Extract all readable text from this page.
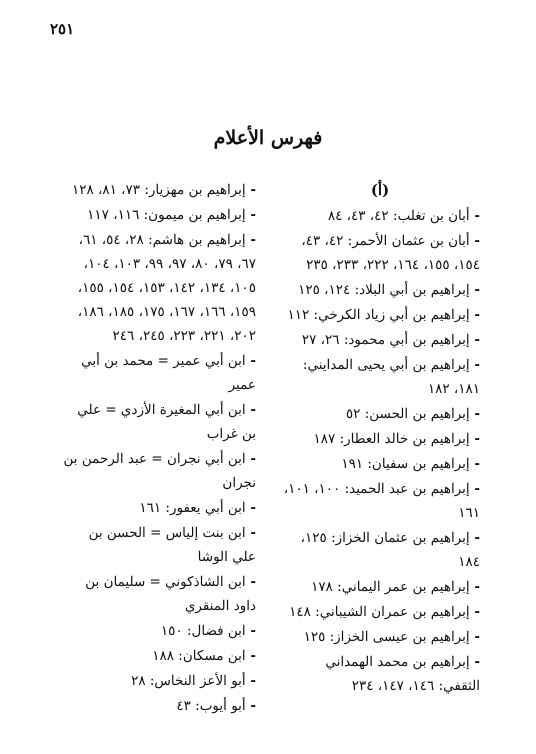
٢٥١
فهرس الأعلام
(أ)
- أبان بن تغلب: ٤٢، ٤٣، ٨٤
- أبان بن عثمان الأحمر: ٤٢، ٤٣، ١٥٤، ١٥٥، ١٦٤، ٢٢٢، ٢٣٣، ٢٣٥
- إبراهيم بن أبي البلاد: ١٢٤، ١٢٥
- إبراهيم بن أبي زياد الكرخي: ١١٢
- إبراهيم بن أبي محمود: ٢٦، ٢٧
- إبراهيم بن أبي يحيى المدايني: ١٨١، ١٨٢
- إبراهيم بن الحسن: ٥٢
- إبراهيم بن خالد العطار: ١٨٧
- إبراهيم بن سفيان: ١٩١
- إبراهيم بن عبد الحميد: ١٠٠، ١٠١، ١٦١
- إبراهيم بن عثمان الخزاز: ١٢٥، ١٨٤
- إبراهيم بن عمر اليماني: ١٧٨
- إبراهيم بن عمران الشيباني: ١٤٨
- إبراهيم بن عيسى الخزاز: ١٢٥
- إبراهيم بن محمد الهمداني الثقفي: ١٤٦، ١٤٧، ٢٣٤
- إبراهيم بن مهزيار: ٧٣، ٨١، ١٢٨
- إبراهيم بن ميمون: ١١٦، ١١٧
- إبراهيم بن هاشم: ٢٨، ٥٤، ٦١، ٦٧، ٧٩، ٨٠، ٩٧، ٩٩، ١٠٣، ١٠٤، ١٠٥، ١٣٤، ١٤٢، ١٥٣، ١٥٤، ١٥٥، ١٥٩، ١٦٦، ١٦٧، ١٧٥، ١٨٥، ١٨٦، ٢٠٢، ٢٢١، ٢٢٣، ٢٤٥، ٢٤٦
- ابن أبي عمير = محمد بن أبي عمير
- ابن أبي المغيرة الأزدي = علي بن غراب
- ابن أبي نجران = عبد الرحمن بن نجران
- ابن أبي يعفور: ١٦١
- ابن بنت إلياس = الحسن بن علي الوشا
- ابن الشاذكوني = سليمان بن داود المنقري
- ابن فضال: ١٥٠
- ابن مسكان: ١٨٨
- أبو الأعز النخاس: ٢٨
- أبو أيوب: ٤٣
